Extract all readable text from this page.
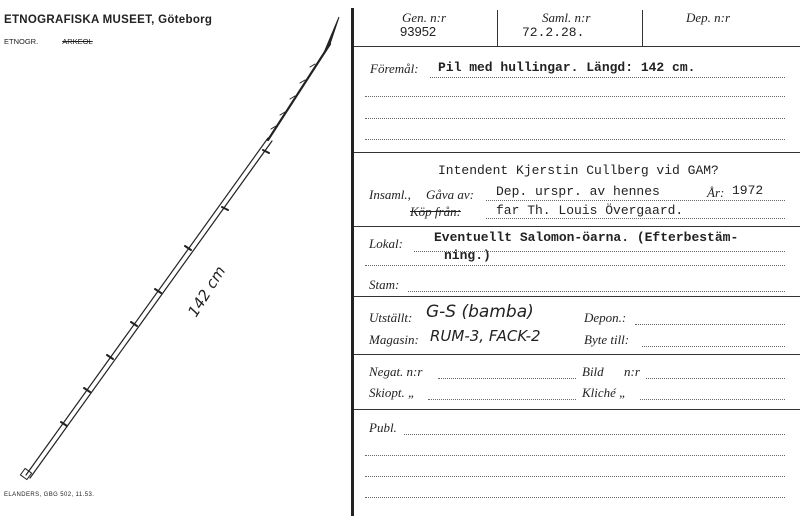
ETNOGRAFISKA MUSEET, Göteborg
ETNOGR.	ARKEOL
142 cm
ELANDERS, GBG 502, 11.53.
Gen. n:r	Saml. n:r	Dep. n:r
93952	72.2.28.
Föremål: Pil med hullingar. Längd: 142 cm.
Intendent Kjerstin Cullberg vid GAM?
Insaml., Gåva av: Dep. urspr. av hennes	År: 1972
Köp från:	far Th. Louis Övergaard.
Lokal: Eventuellt Salomon-öarna. (Efterbestäm-
ning.)
Stam:
Utställt: G-S (bamba)	Depon.:
Magasin: RUM-3, FACK-2	Byte till:
Negat. n:r	Bild n:r
Skiopt. „	Kliché „
Publ.
